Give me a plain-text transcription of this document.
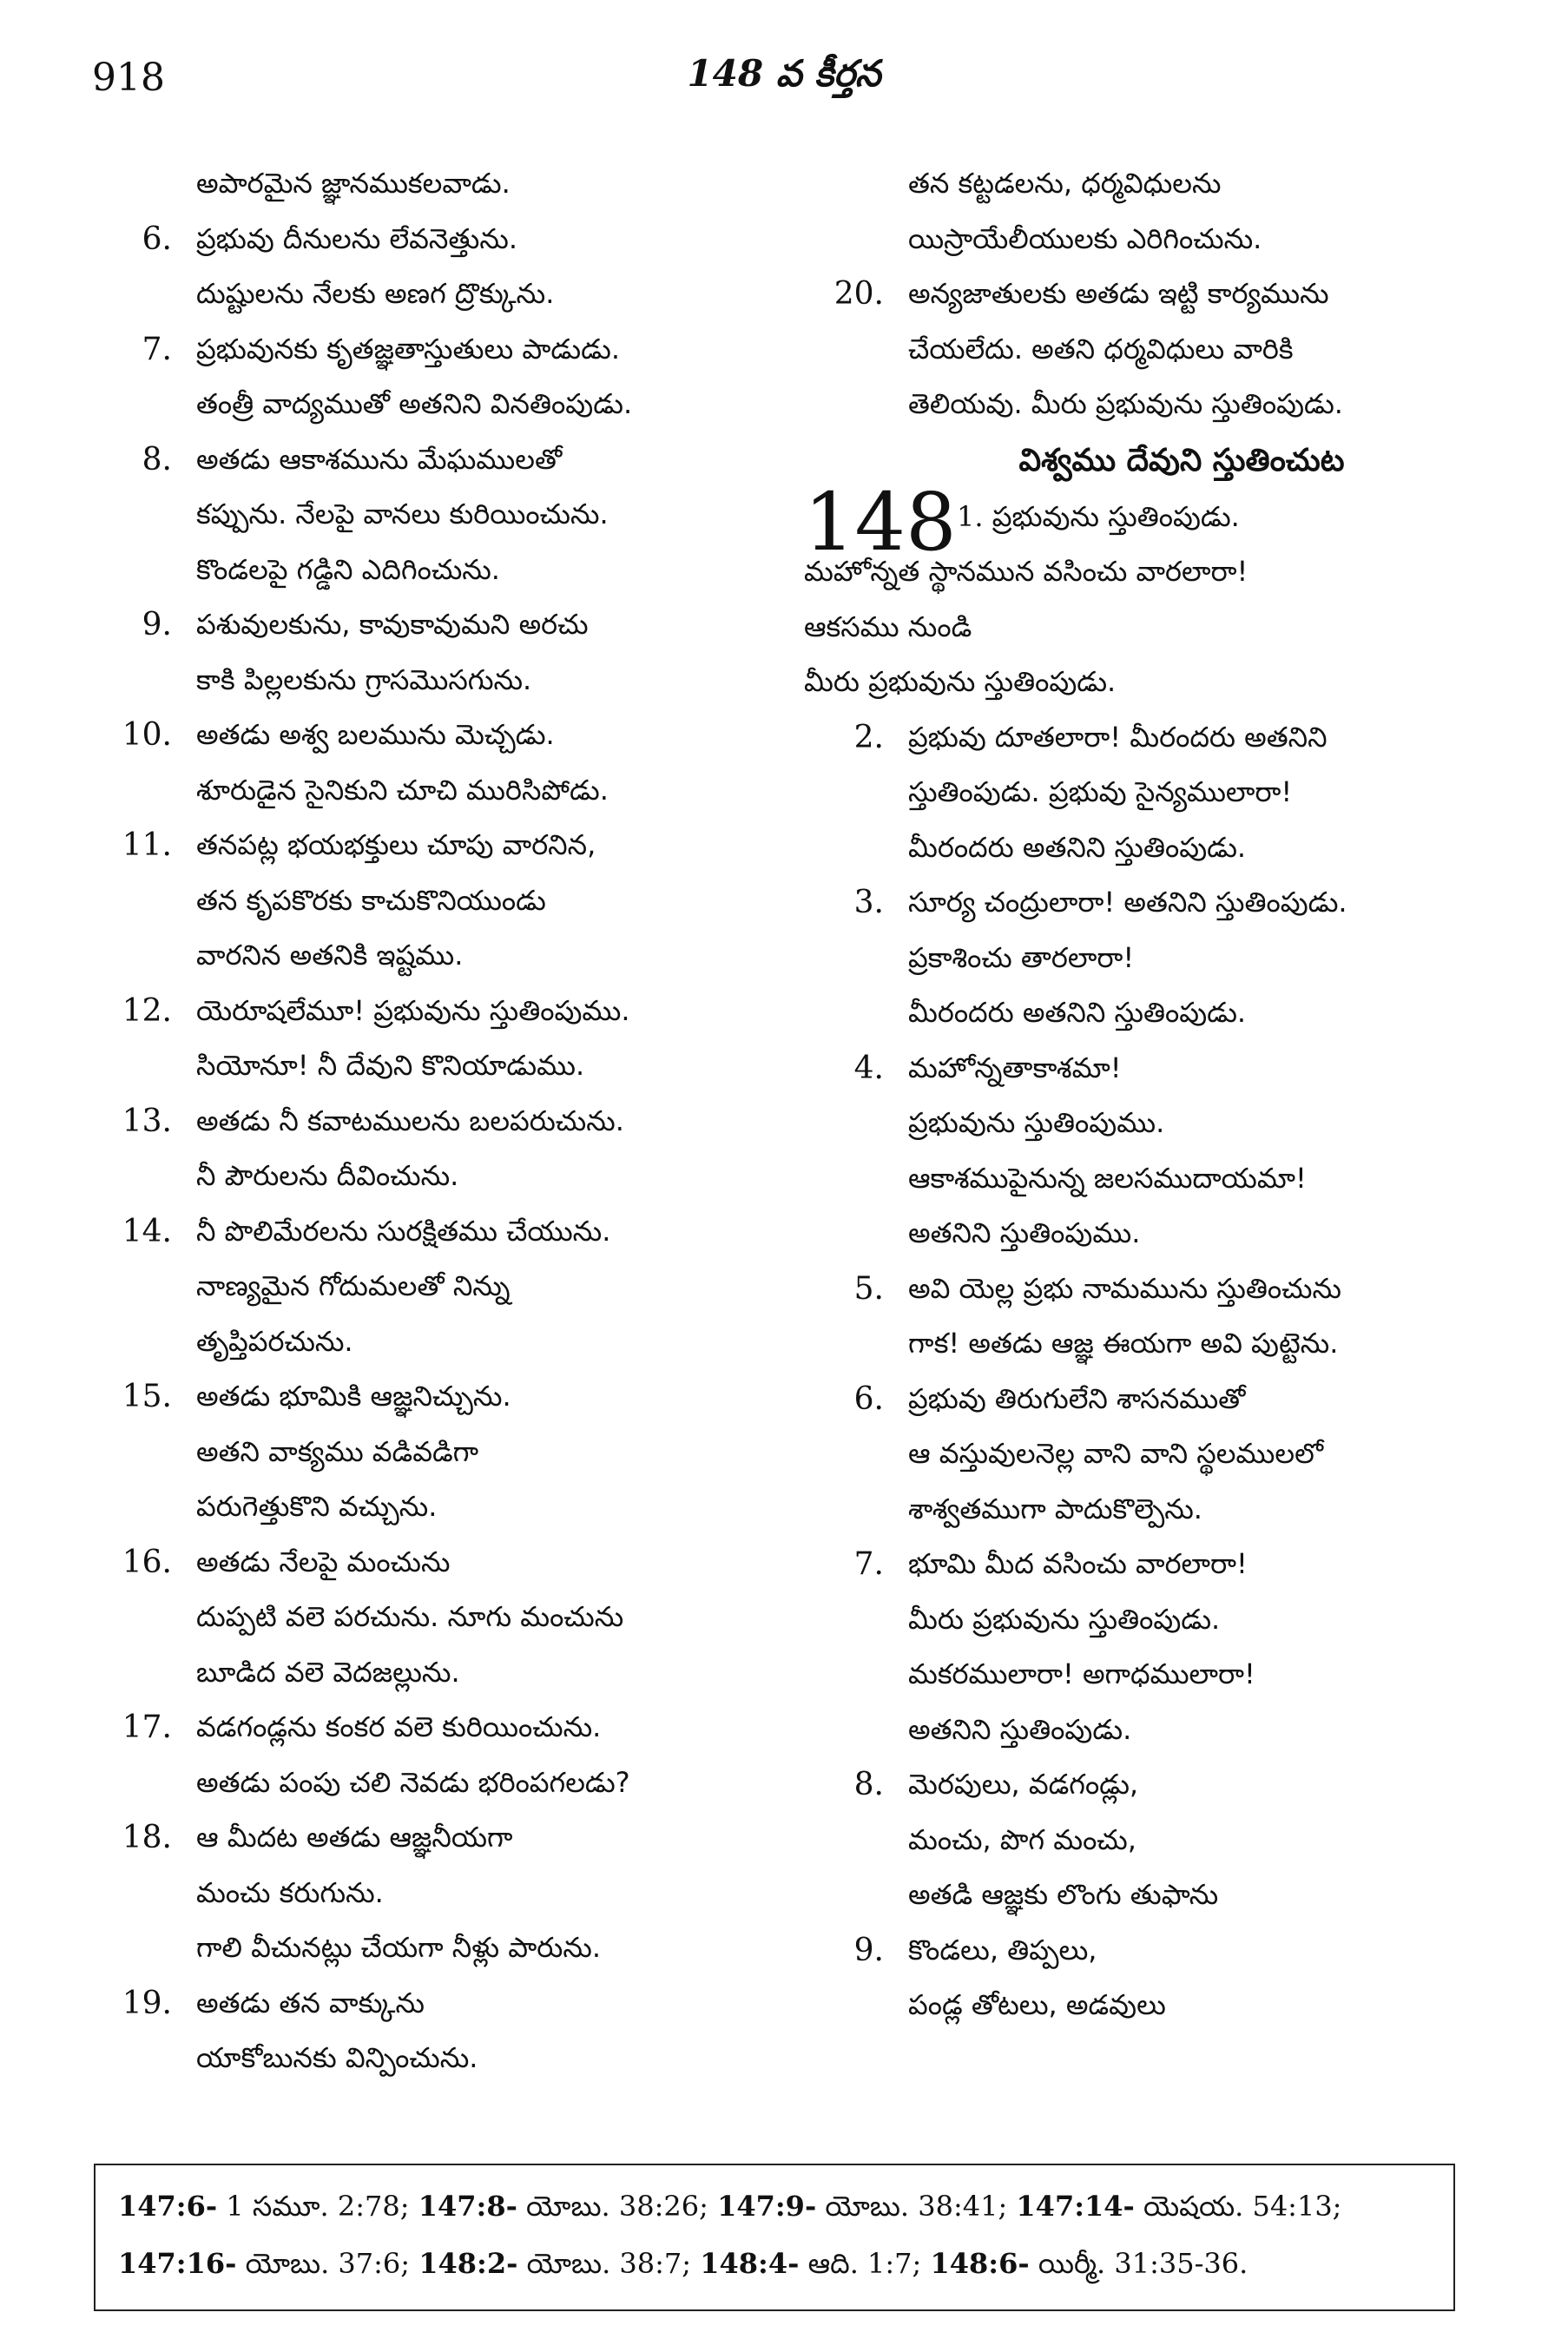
918	148 వ కీర్తన
అపారమైన జ్ఞానముకలవాడు.
6. ప్రభువు దీనులను లేవనెత్తును.
దుష్టులను నేలకు అణగ ద్రొక్కును.
7. ప్రభువునకు కృతజ్ఞతాస్తుతులు పాడుడు.
తంత్రీ వాద్యముతో అతనిని వినతింపుడు.
8. అతడు ఆకాశమును మేఘములతో
కప్పును. నేలపై వానలు కురియించును.
కొండలపై గడ్డిని ఎదిగించును.
9. పశువులకును, కావుకావుమని అరచు
కాకి పిల్లలకును గ్రాసమొసగును.
10. అతడు అశ్వ బలమును మెచ్చడు.
శూరుడైన సైనికుని చూచి మురిసిపోడు.
11. తనపట్ల భయభక్తులు చూపు వారనిన,
తన కృపకొరకు కాచుకొనియుండు
వారనిన అతనికి ఇష్టము.
12. యెరూషలేమూ! ప్రభువును స్తుతింపుము.
సియోనూ! నీ దేవుని కొనియాడుము.
13. అతడు నీ కవాటములను బలపరుచును.
నీ పౌరులను దీవించును.
14. నీ పొలిమేరలను సురక్షితము చేయును.
నాణ్యమైన గోదుమలతో నిన్ను
తృప్తిపరచును.
15. అతడు భూమికి ఆజ్ఞనిచ్చును.
అతని వాక్యము వడివడిగా
పరుగెత్తుకొని వచ్చును.
16. అతడు నేలపై మంచును
దుప్పటి వలె పరచును. నూగు మంచును
బూడిద వలె వెదజల్లును.
17. వడగండ్లను కంకర వలె కురియించును.
అతడు పంపు చలి నెవడు భరింపగలడు?
18. ఆ మీదట అతడు ఆజ్ఞనీయగా
మంచు కరుగును.
గాలి వీచునట్లు చేయగా నీళ్లు పారును.
19. అతడు తన వాక్కును
యాకోబునకు విన్పించును.
తన కట్టడలను, ధర్మవిధులను
యిస్రాయేలీయులకు ఎరిగించును.
20. అన్యజాతులకు అతడు ఇట్టి కార్యమును
చేయలేదు. అతని ధర్మవిధులు వారికి
తెలియవు. మీరు ప్రభువును స్తుతింపుడు.
విశ్వము దేవుని స్తుతించుట
148 1. ప్రభువును స్తుతింపుడు.
మహోన్నత స్థానమున వసించు వారలారా!
ఆకసము నుండి
మీరు ప్రభువును స్తుతింపుడు.
2. ప్రభువు దూతలారా! మీరందరు అతనిని
స్తుతింపుడు. ప్రభువు సైన్యములారా!
మీరందరు అతనిని స్తుతింపుడు.
3. సూర్య చంద్రులారా! అతనిని స్తుతింపుడు.
ప్రకాశించు తారలారా!
మీరందరు అతనిని స్తుతింపుడు.
4. మహోన్నతాకాశమా!
ప్రభువును స్తుతింపుము.
ఆకాశముపైనున్న జలసముదాయమా!
అతనిని స్తుతింపుము.
5. అవి యెల్ల ప్రభు నామమును స్తుతించును
గాక! అతడు ఆజ్ఞ ఈయగా అవి పుట్టెను.
6. ప్రభువు తిరుగులేని శాసనముతో
ఆ వస్తువులనెల్ల వాని వాని స్థలములలో
శాశ్వతముగా పాదుకొల్పెను.
7. భూమి మీద వసించు వారలారా!
మీరు ప్రభువును స్తుతింపుడు.
మకరములారా! అగాధములారా!
అతనిని స్తుతింపుడు.
8. మెరపులు, వడగండ్లు,
మంచు, పొగ మంచు,
అతడి ఆజ్ఞకు లొంగు తుఫాను
9. కొండలు, తిప్పలు,
పండ్ల తోటలు, అడవులు
147:6- 1 సమూ. 2:78; 147:8- యోబు. 38:26; 147:9- యోబు. 38:41; 147:14- యెషయ. 54:13;
147:16- యోబు. 37:6; 148:2- యోబు. 38:7; 148:4- ఆది. 1:7; 148:6- యిర్మీ. 31:35-36.
